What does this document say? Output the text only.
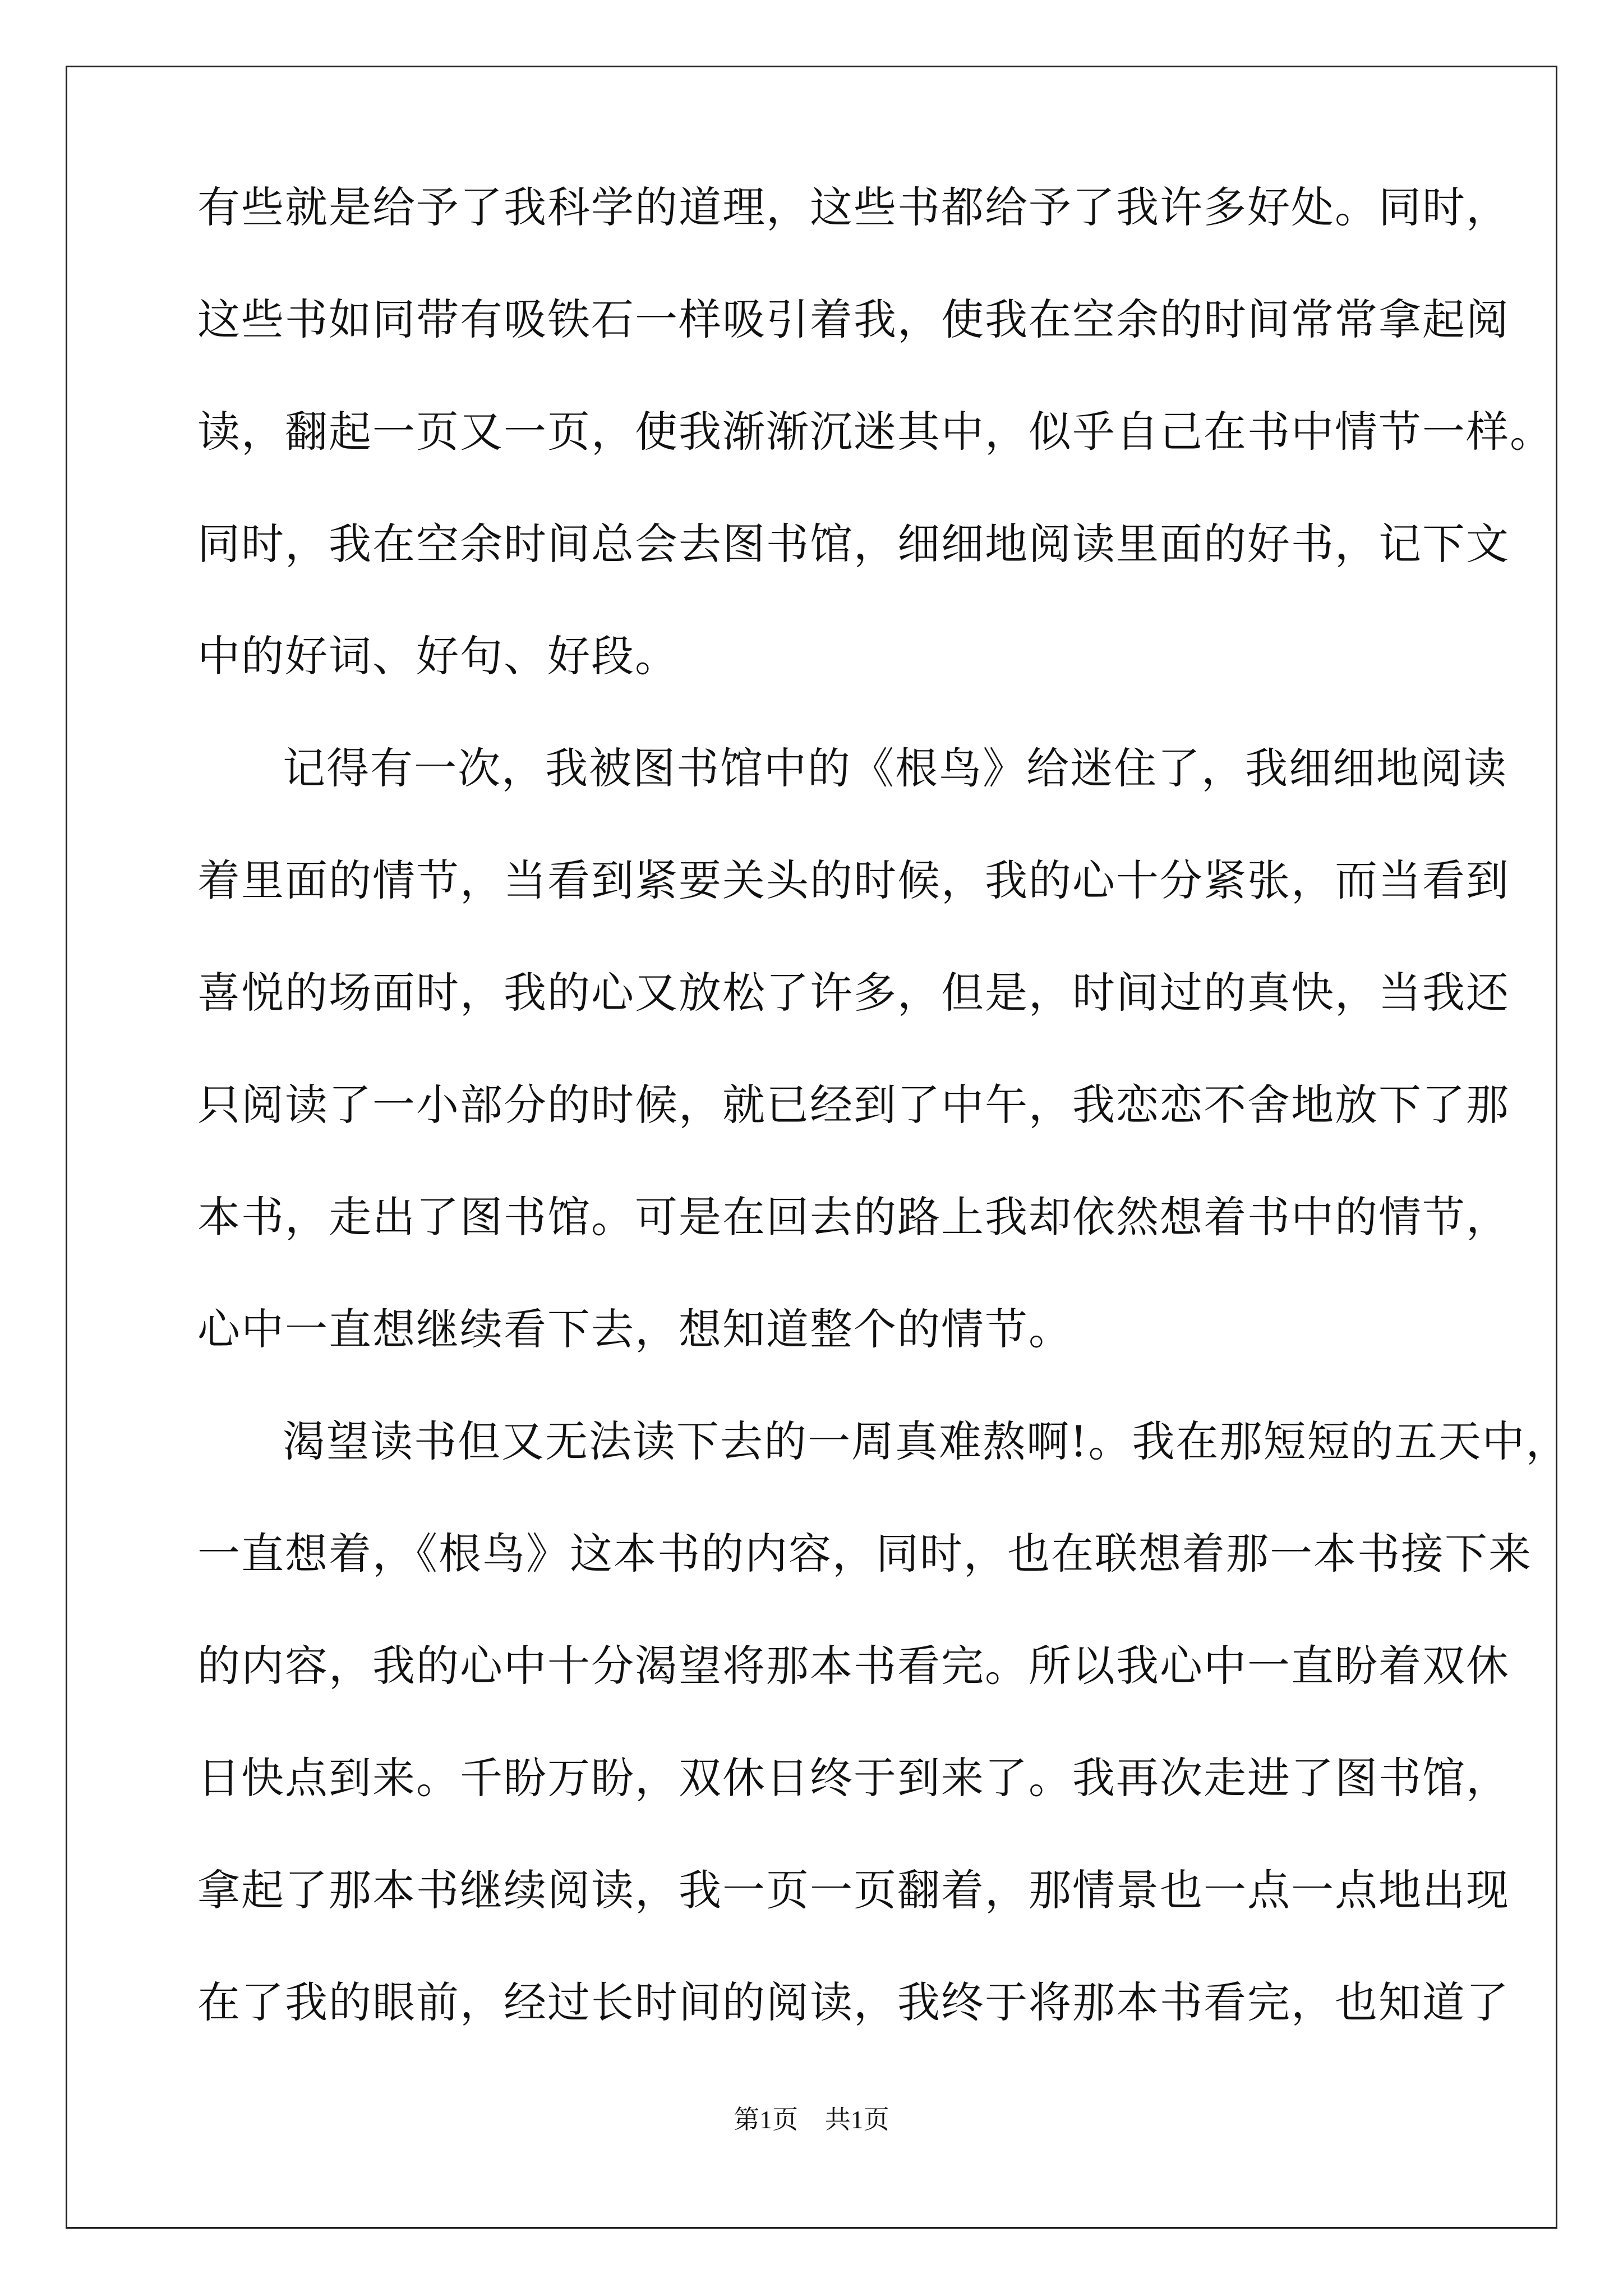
有些就是给予了我科学的道理，这些书都给予了我许多好处。同时，
这些书如同带有吸铁石一样吸引着我，使我在空余的时间常常拿起阅
读，翻起一页又一页，使我渐渐沉迷其中，似乎自己在书中情节一样。
同时，我在空余时间总会去图书馆，细细地阅读里面的好书，记下文
中的好词、好句、好段。
记得有一次，我被图书馆中的《根鸟》给迷住了，我细细地阅读
着里面的情节，当看到紧要关头的时候，我的心十分紧张，而当看到
喜悦的场面时，我的心又放松了许多，但是，时间过的真快，当我还
只阅读了一小部分的时候，就已经到了中午，我恋恋不舍地放下了那
本书，走出了图书馆。可是在回去的路上我却依然想着书中的情节，
心中一直想继续看下去，想知道整个的情节。
渴望读书但又无法读下去的一周真难熬啊!。我在那短短的五天中，
一直想着，《根鸟》这本书的内容，同时，也在联想着那一本书接下来
的内容，我的心中十分渴望将那本书看完。所以我心中一直盼着双休
日快点到来。千盼万盼，双休日终于到来了。我再次走进了图书馆，
拿起了那本书继续阅读，我一页一页翻着，那情景也一点一点地出现
在了我的眼前，经过长时间的阅读，我终于将那本书看完，也知道了
第1页 共1页
